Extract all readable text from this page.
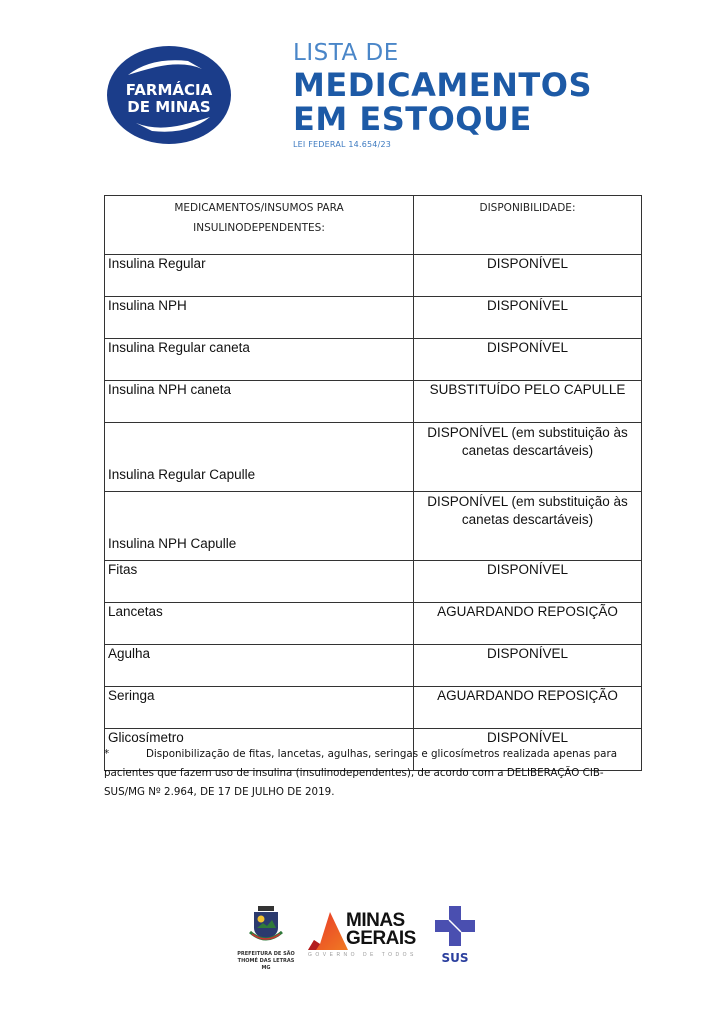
FARMÁCIA
DE MINAS
LISTA DE
MEDICAMENTOS
EM ESTOQUE
LEI FEDERAL 14.654/23
MEDICAMENTOS/INSUMOS PARA INSULINODEPENDENTES:	DISPONIBILIDADE:
Insulina Regular	DISPONÍVEL
Insulina NPH	DISPONÍVEL
Insulina Regular caneta	DISPONÍVEL
Insulina NPH caneta	SUBSTITUÍDO PELO CAPULLE
Insulina Regular Capulle	DISPONÍVEL (em substituição às canetas descartáveis)
Insulina NPH Capulle	DISPONÍVEL (em substituição às canetas descartáveis)
Fitas	DISPONÍVEL
Lancetas	AGUARDANDO REPOSIÇÃO
Agulha	DISPONÍVEL
Seringa	AGUARDANDO REPOSIÇÃO
Glicosímetro	DISPONÍVEL
*	Disponibilização de fitas, lancetas, agulhas, seringas e glicosímetros realizada apenas para pacientes que fazem uso de insulina (insulinodependentes), de acordo com a DELIBERAÇÃO CIB-SUS/MG Nº 2.964, DE 17 DE JULHO DE 2019.
PREFEITURA DE SÃO THOMÉ DAS LETRAS MG
MINAS
GERAIS
GOVERNO DE TODOS	SUS
